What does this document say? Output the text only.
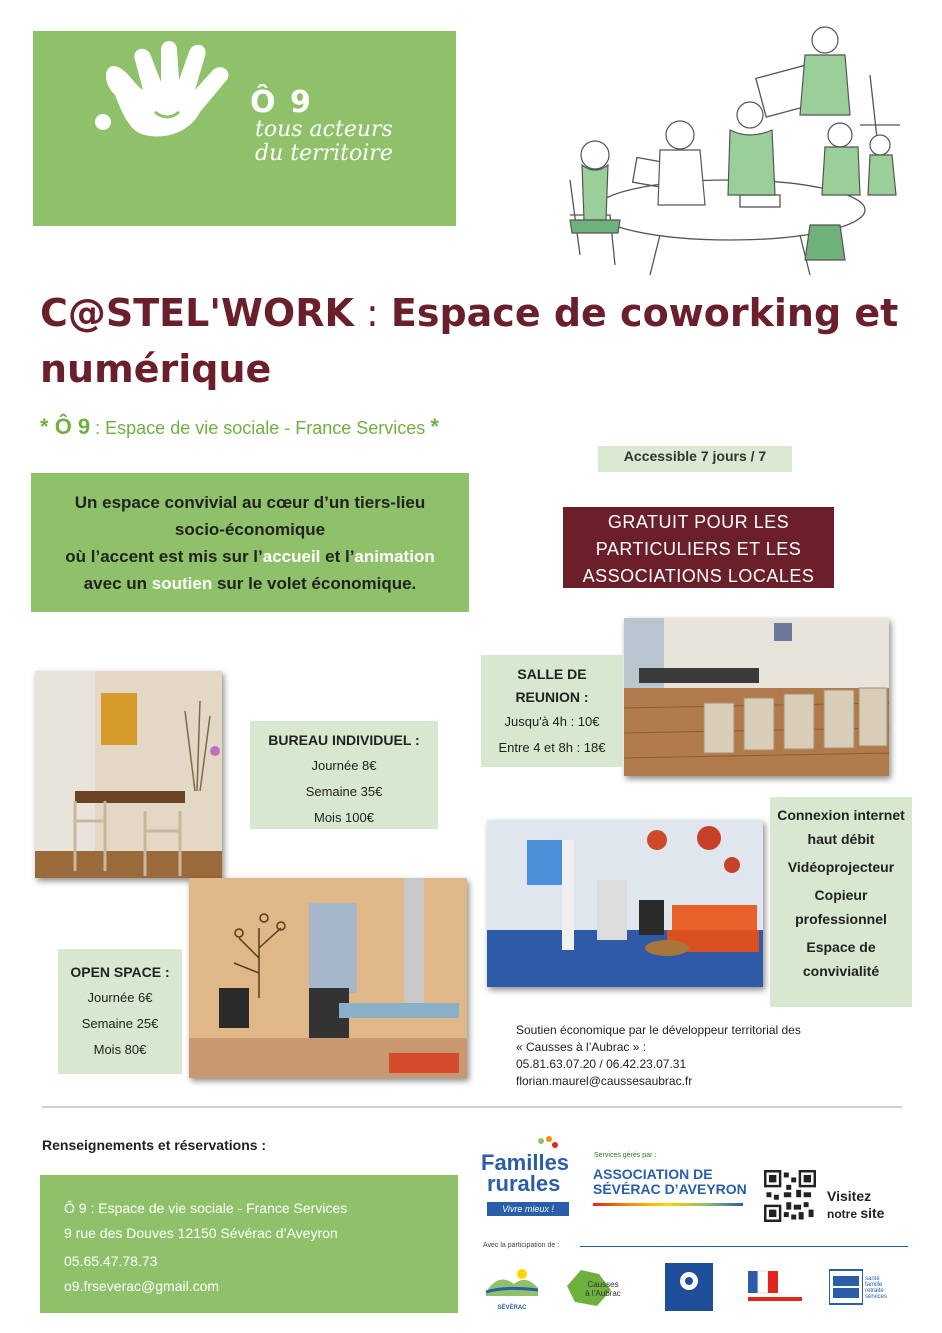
Ô 9
tous acteurs
du territoire
C@STEL'WORK : Espace de coworking et
numérique
* Ô 9 : Espace de vie sociale - France Services *
Accessible 7 jours / 7
Un espace convivial au cœur d’un tiers-lieu
socio-économique
où l’accent est mis sur l’accueil et l’animation
avec un soutien sur le volet économique.
GRATUIT POUR LES
PARTICULIERS ET LES
ASSOCIATIONS LOCALES
SALLE DE
REUNION :
Jusqu'à 4h : 10€
Entre 4 et 8h : 18€
BUREAU INDIVIDUEL :
Journée 8€
Semaine 35€
Mois 100€	Connexion internet haut débit
Vidéoprojecteur
Copieur professionnel
Espace de convivialité
OPEN SPACE :
Journée 6€
Semaine 25€
Mois 80€
Soutien économique par le développeur territorial des
« Causses à l’Aubrac » :
05.81.63.07.20 / 06.42.23.07.31
florian.maurel@caussesaubrac.fr
Renseignements et réservations :
Ô 9 : Espace de vie sociale - France Services
9 rue des Douves 12150 Sévérac d’Aveyron
05.65.47.78.73
o9.frseverac@gmail.com
Familles
rurales
Vivre mieux !
Services gérés par :
ASSOCIATION DE
SÉVÉRAC D’AVEYRON	Visitez
notre site
Avec la participation de :
SÉVÉRAC
Causses
à l’Aubrac
santé
famille
retraite
services
